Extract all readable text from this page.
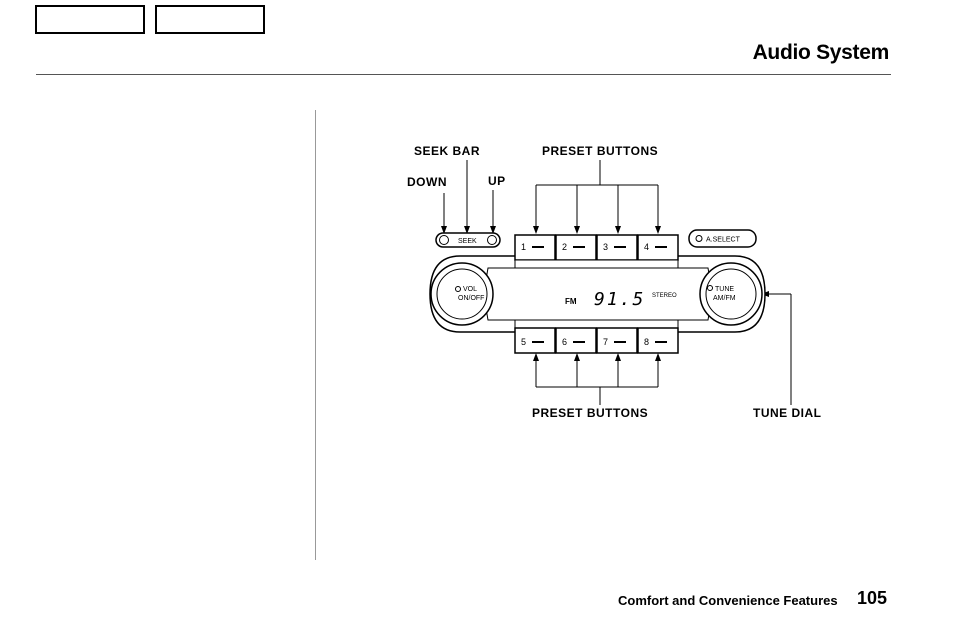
Audio System
SEEK BAR
DOWN	UP
PRESET BUTTONS
PRESET BUTTONS	TUNE DIAL
SEEK	A.SELECT
1	2	3	4
5	6	7	8
VOL
ON/OFF
TUNE
AM/FM
FM 91.5 STEREO
Comfort and Convenience Features 105
